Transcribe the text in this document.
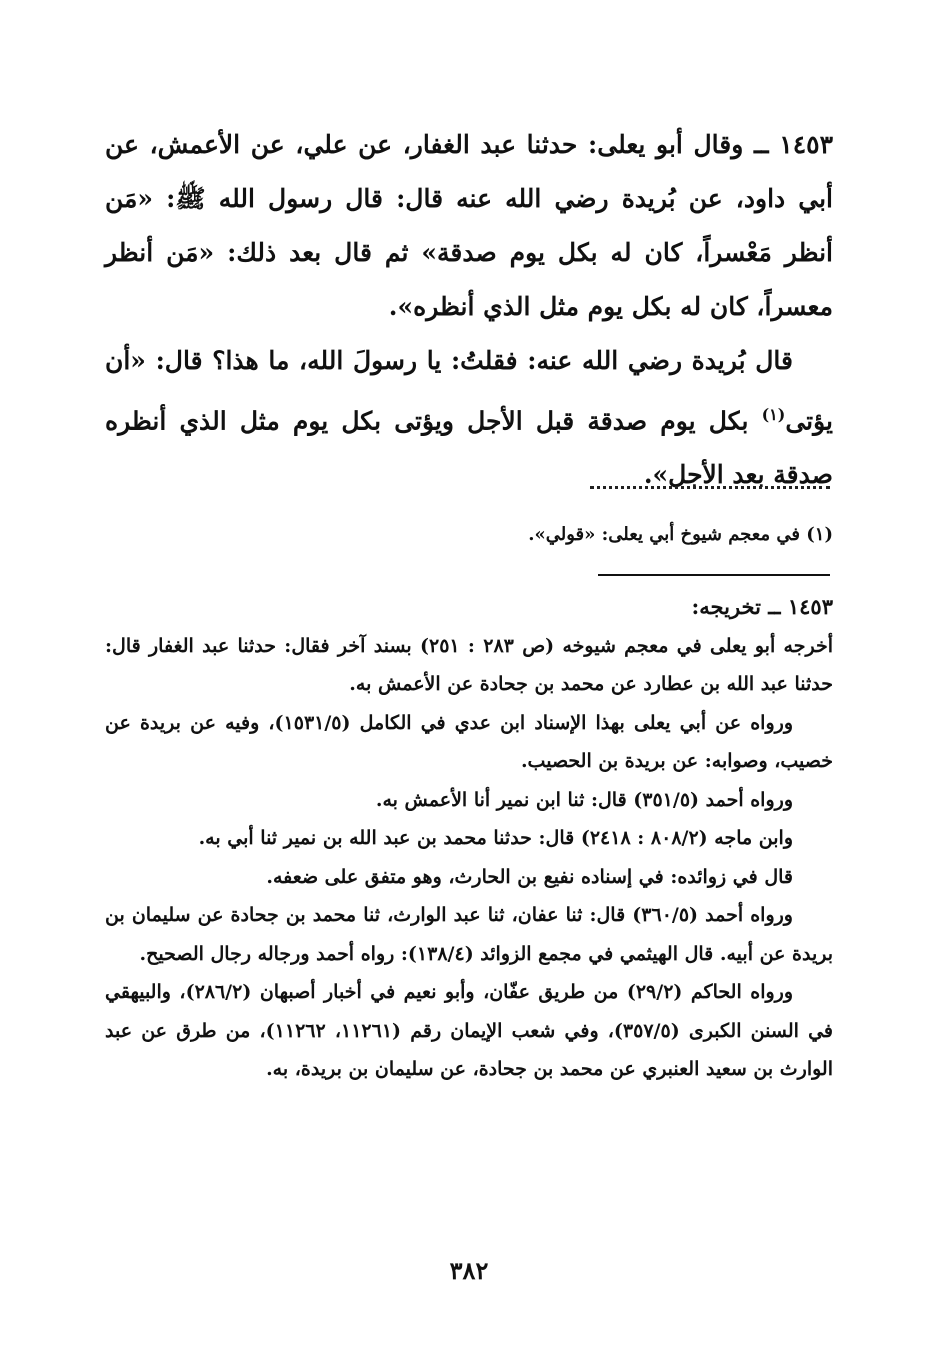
١٤٥٣ ــ وقال أبو يعلى: حدثنا عبد الغفار، عن علي، عن الأعمش، عن أبي داود، عن بُريدة رضي الله عنه قال: قال رسول الله ﷺ: «مَن أنظر مَعْسراً، كان له بكل يوم صدقة» ثم قال بعد ذلك: «مَن أنظر معسراً، كان له بكل يوم مثل الذي أنظره».

قال بُريدة رضي الله عنه: فقلتُ: يا رسولَ الله، ما هذا؟ قال: «أن يؤتى$^{(١)}$ بكل يوم صدقة قبل الأجل ويؤتى بكل يوم مثل الذي أنظره صدقة بعد الأجل».

(١) في معجم شيوخ أبي يعلى: «قولي».

١٤٥٣ ــ تخريجه:

أخرجه أبو يعلى في معجم شيوخه (ص ٢٨٣ : ٢٥١) بسند آخر فقال: حدثنا عبد الغفار قال: حدثنا عبد الله بن عطارد عن محمد بن جحادة عن الأعمش به.

ورواه عن أبي يعلى بهذا الإسناد ابن عدي في الكامل (١٥٣١/٥)، وفيه عن بريدة عن خصيب، وصوابه: عن بريدة بن الحصيب.

ورواه أحمد (٣٥١/٥) قال: ثنا ابن نمير أنا الأعمش به.

وابن ماجه (٨٠٨/٢ : ٢٤١٨) قال: حدثنا محمد بن عبد الله بن نمير ثنا أبي به.

قال في زوائده: في إسناده نفيع بن الحارث، وهو متفق على ضعفه.

ورواه أحمد (٣٦٠/٥) قال: ثنا عفان، ثنا عبد الوارث، ثنا محمد بن جحادة عن سليمان بن بريدة عن أبيه. قال الهيثمي في مجمع الزوائد (١٣٨/٤): رواه أحمد ورجاله رجال الصحيح.

ورواه الحاكم (٢٩/٢) من طريق عفّان، وأبو نعيم في أخبار أصبهان (٢٨٦/٢)، والبيهقي في السنن الكبرى (٣٥٧/٥)، وفي شعب الإيمان رقم (١١٢٦١، ١١٢٦٢)، من طرق عن عبد الوارث بن سعيد العنبري عن محمد بن جحادة، عن سليمان بن بريدة، به.

٣٨٢
